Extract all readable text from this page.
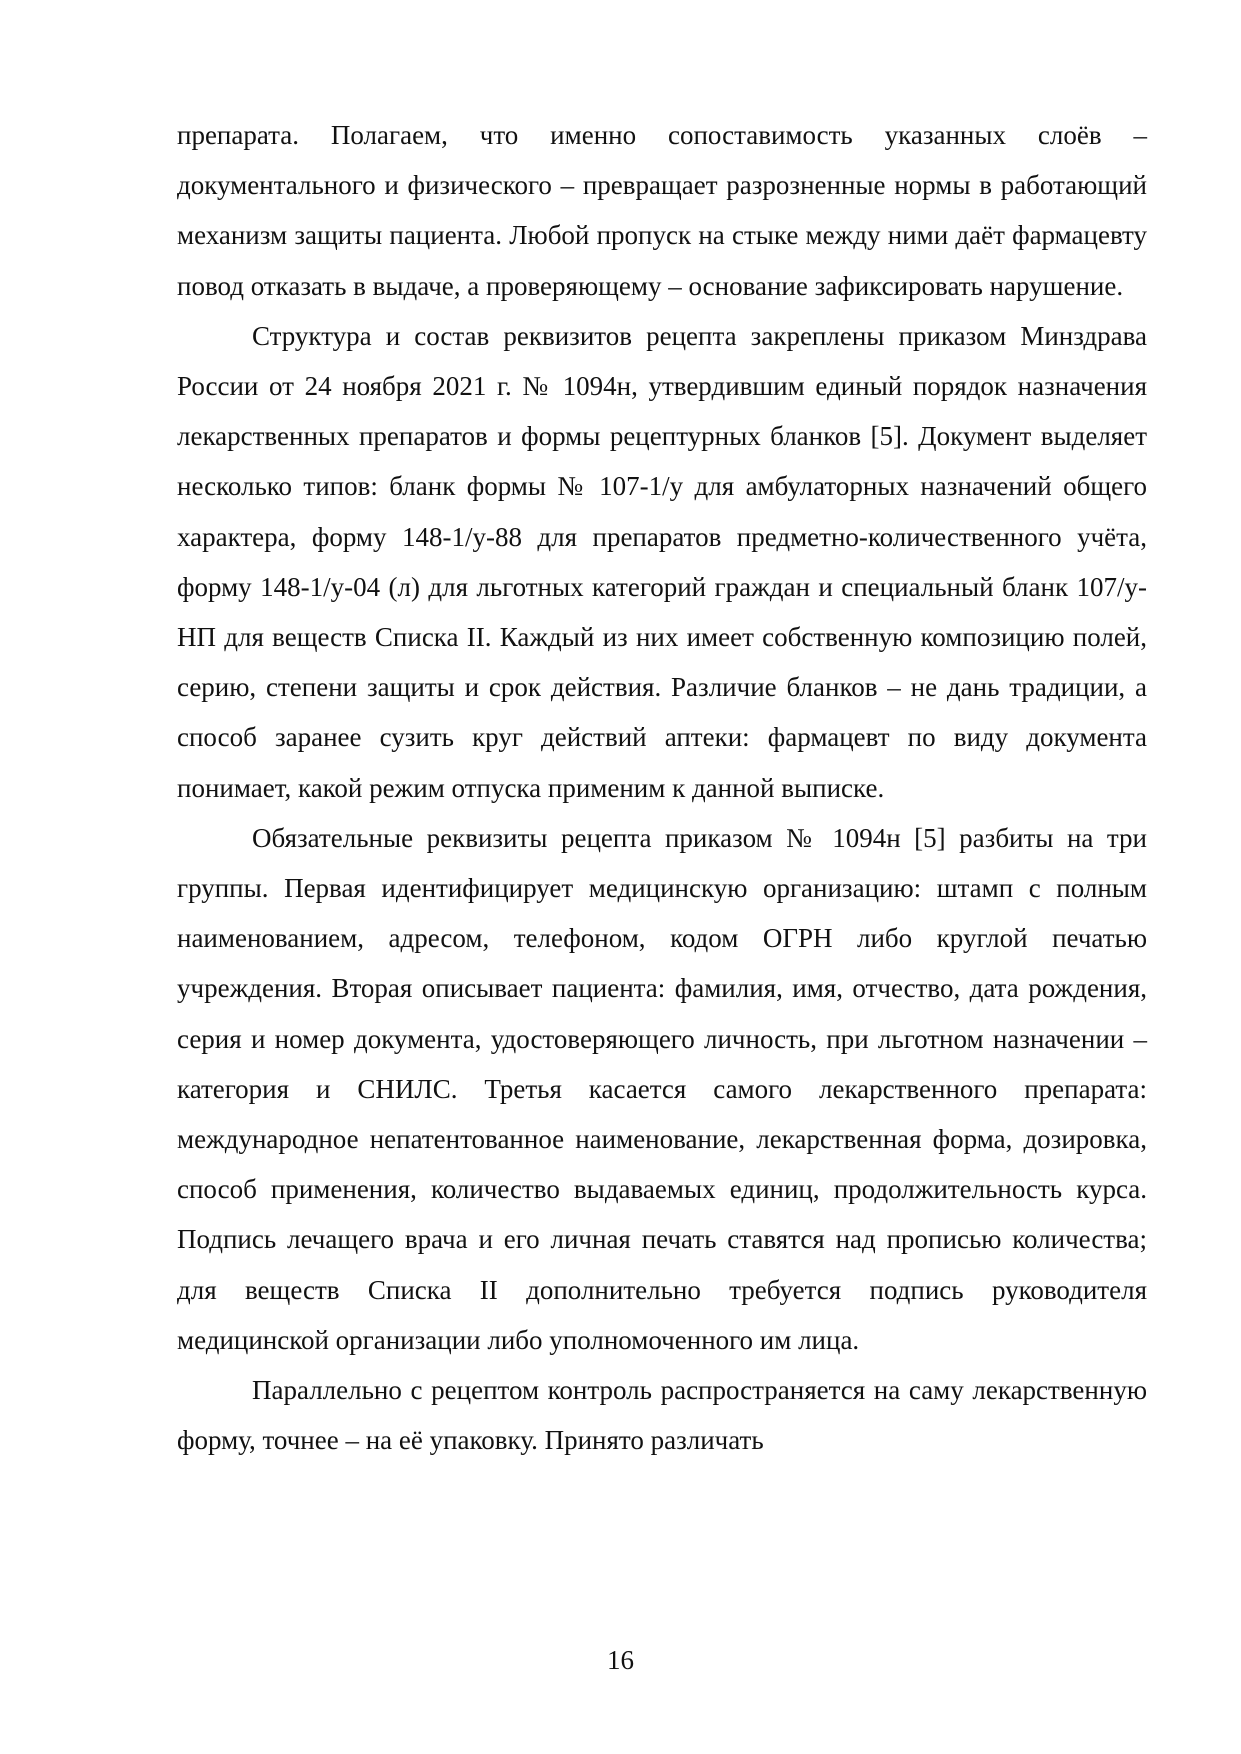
препарата. Полагаем, что именно сопоставимость указанных слоёв – документального и физического – превращает разрозненные нормы в работающий механизм защиты пациента. Любой пропуск на стыке между ними даёт фармацевту повод отказать в выдаче, а проверяющему – основание зафиксировать нарушение.

Структура и состав реквизитов рецепта закреплены приказом Минздрава России от 24 ноября 2021 г. № 1094н, утвердившим единый порядок назначения лекарственных препаратов и формы рецептурных бланков [5]. Документ выделяет несколько типов: бланк формы № 107-1/у для амбулаторных назначений общего характера, форму 148-1/у-88 для препаратов предметно-количественного учёта, форму 148-1/у-04 (л) для льготных категорий граждан и специальный бланк 107/у-НП для веществ Списка II. Каждый из них имеет собственную композицию полей, серию, степени защиты и срок действия. Различие бланков – не дань традиции, а способ заранее сузить круг действий аптеки: фармацевт по виду документа понимает, какой режим отпуска применим к данной выписке.

Обязательные реквизиты рецепта приказом № 1094н [5] разбиты на три группы. Первая идентифицирует медицинскую организацию: штамп с полным наименованием, адресом, телефоном, кодом ОГРН либо круглой печатью учреждения. Вторая описывает пациента: фамилия, имя, отчество, дата рождения, серия и номер документа, удостоверяющего личность, при льготном назначении – категория и СНИЛС. Третья касается самого лекарственного препарата: международное непатентованное наименование, лекарственная форма, дозировка, способ применения, количество выдаваемых единиц, продолжительность курса. Подпись лечащего врача и его личная печать ставятся над прописью количества; для веществ Списка II дополнительно требуется подпись руководителя медицинской организации либо уполномоченного им лица.

Параллельно с рецептом контроль распространяется на саму лекарственную форму, точнее – на её упаковку. Принято различать

16
